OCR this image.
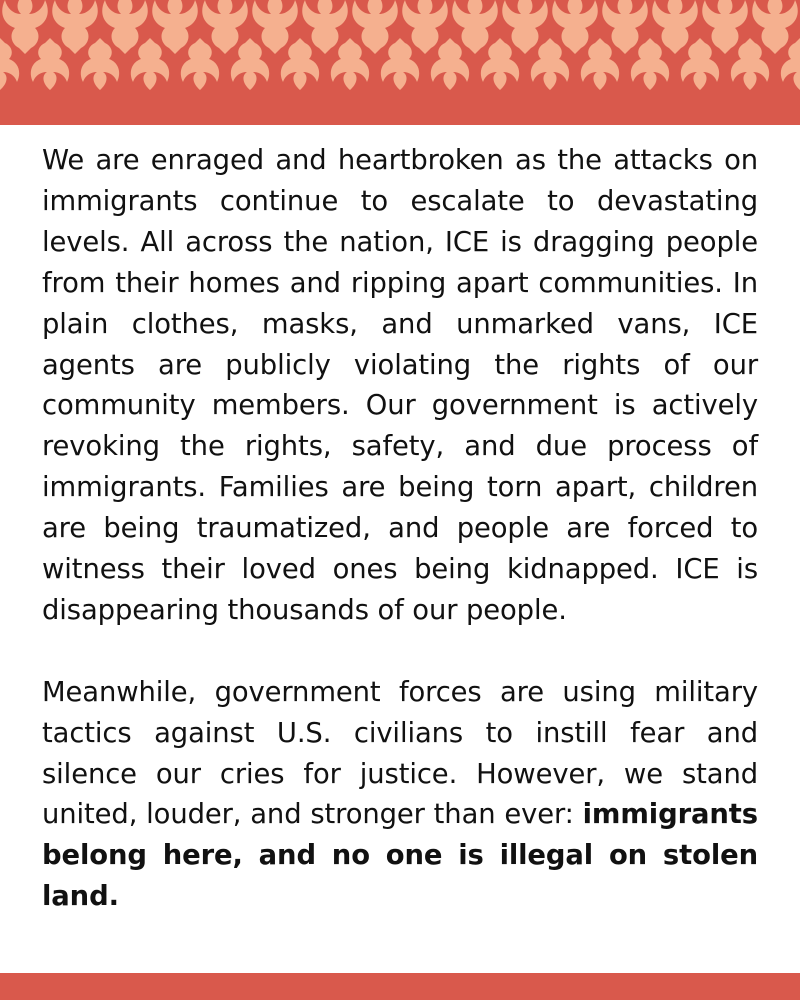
We are enraged and heartbroken as the attacks on immigrants continue to escalate to devastating levels. All across the nation, ICE is dragging people from their homes and ripping apart communities. In plain clothes, masks, and unmarked vans, ICE agents are publicly violating the rights of our community members. Our government is actively revoking the rights, safety, and due process of immigrants. Families are being torn apart, children are being traumatized, and people are forced to witness their loved ones being kidnapped. ICE is disappearing thousands of our people.

Meanwhile, government forces are using military tactics against U.S. civilians to instill fear and silence our cries for justice. However, we stand united, louder, and stronger than ever: immigrants belong here, and no one is illegal on stolen land.
